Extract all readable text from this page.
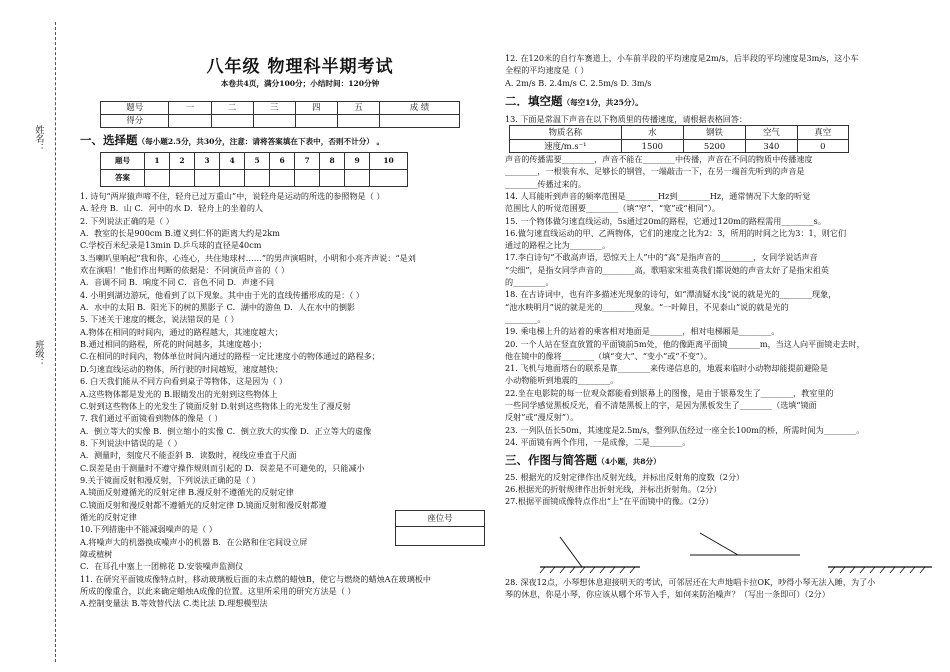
姓名：
班级：
八年级 物理科半期考试
本卷共4页，满分100分；小结时间：120分钟
题号	一	二	三	四	五	成 绩
得分						
一、选择题（每小题2.5分，共30分，注意：请将答案填在下表中，否则不计分） 。
题号	1	2	3	4	5	6	7	8	9	10
答案										
1. 诗句“两岸猿声啼不住，轻舟已过万重山”中，说轻舟是运动的所选的参照物是（ ）
A. 轻舟 B．山 C．河中的水 D．轻舟上的坐着的人
2. 下列说法正确的是（ ）
A．教室的长是900cm B.遵义到仁怀的距离大约是2km
C.学校百米纪录是13min D.乒乓球的直径是40cm
3.当喇叭里响起“我和你，心连心，共住地球村……”的男声演唱时，小明和小亮齐声说：“是刘
欢在演唱！”他们作出判断的依据是：不同演员声音的（ ）
A．音调不同 B．响度不同 C．音色不同 D．声速不同
4. 小明到湖边游玩，他看到了以下现象。其中由于光的直线传播形成的是：（ ）
A．水中的太阳 B．阳光下的树的黑影子 C．湖中的游鱼 D．人在水中的倒影
5. 下述关于速度的概念，说法错误的是（ ）
A.物体在相同的时间内，通过的路程越大，其速度越大；
B.通过相同的路程，所花的时间越多，其速度越小；
C.在相同的时间内，物体单位时间内通过的路程一定比速度小的物体通过的路程多；
D.匀速直线运动的物体，所行驶的时间越短，速度越快；
6. 白天我们能从不同方向看到桌子等物体，这是因为（ ）
A.这些物体都是发光的 B.眼睛发出的光射到这些物体上
C.射到这些物体上的光发生了镜面反射 D.射到这些物体上的光发生了漫反射
7. 我们通过平面镜看到物体的像是（ ）
A．倒立等大的实像 B．倒立缩小的实像 C．倒立放大的实像 D．正立等大的虚像
8. 下列说法中错误的是（ ）
A．测量时，刻度尺不能歪斜 B．读数时，视线应垂直于尺面
C.误差是由于测量时不遵守操作规则而引起的 D．误差是不可避免的，只能减小
9.关于镜面反射和漫反射，下列说法正确的是（ ）
A.镜面反射遵循光的反射定律 B.漫反射不遵循光的反射定律
C.镜面反射和漫反射都不遵循光的反射定律 D.镜面反射和漫反射都遵
循光的反射定律
10.下列措施中不能减弱噪声的是（ ）
A.将噪声大的机器换成噪声小的机器 B．在公路和住宅间设立屏
障或植树
C．在耳孔中塞上一团棉花 D.安装噪声监测仪
11. 在研究平面镜成像特点时，移动玻璃板后面的未点燃的蜡烛B，使它与燃烧的蜡烛A在玻璃板中
所成的像重合，以此来确定蜡烛A成像的位置。这里所采用的研究方法是（ ）
A.控制变量法 B.等效替代法 C.类比法 D.理想模型法
座位号
12. 在120米的自行车赛道上，小车前半段的平均速度是2m/s，后半段的平均速度是3m/s，这小车
全程的平均速度是（ ）
A. 2m/s B. 2.4m/s C. 2.5m/s D. 3m/s
二．填空题（每空1分，共25分）。
13. 下面是常温下声音在以下物质里的传播速度，请根据表格回答：
物质名称	水	钢铁	空气	真空
速度/m.s⁻¹	1500	5200	340	0
声音的传播需要________，声音不能在________中传播，声音在不同的物质中传播速度
________，一根装有水、足够长的钢管，一端敲击一下，在另一端首先听到的声音是
________传播过来的。
14. 人耳能听到声音的频率范围是________Hz到________Hz，通常情况下大象的听觉
范围比人的听觉范围要________（填“窄”、“宽”或“相同”）。
15. 一个物体做匀速直线运动，5s通过20m的路程，它通过120m的路程需用________s。
16.做匀速直线运动的甲、乙两物体，它们的速度之比为2：3，所用的时间之比为3：1，则它们
通过的路程之比为________。
17.李白诗句“不敢高声语，恐惊天上人”中的“高”是指声音的________，女同学说话声音
“尖细”，是指女同学声音的________高，歌唱家宋祖英我们都说她的声音太好了是指宋祖英
的________。
18. 在古诗词中，也有许多描述光现象的诗句，如“潭清疑水浅”说的就是光的________现象，
“池水映明月”说的就是光的________现象。“一叶障目，不见泰山”说的就是光的
________。
19. 乘电梯上升的站着的乘客相对地面是________，相对电梯厢是________。
20. 一个人站在竖直放置的平面镜前5m处，他的像距离平面镜________m，当这人向平面镜走去时，
他在镜中的像将________（填“变大”、“变小”或“不变”）。
21. 飞机与地面塔台的联系是靠________来传递信息的，地震来临时小动物却能提前避险是
小动物能听到地震的________。
22.坐在电影院的每一位观众都能看到银幕上的图像，是由于银幕发生了________，教室里的
一些同学感觉黑板反光，看不清楚黑板上的字，是因为黑板发生了________（选填“镜面
反射”或“漫反射”）。
23. 一列队伍长50m，其速度是2.5m/s，整列队伍经过一座全长100m的桥，所需时间为________。
24. 平面镜有两个作用，一是成像，二是________。
三、作图与简答题（4小题，共8分）
25. 根据光的反射定律作出反射光线，并标出反射角的度数（2分）
26.根据光的折射规律作出折射光线，并标出折射角。（2分）
27.根据平面镜成像特点作出“上”在平面镜中的像。（2分）
28. 深夜12点，小琴想休息迎接明天的考试，可邻居还在大声地唱卡拉OK，吵得小琴无法入睡，为了小
琴的休息，你是小琴，你应该从哪个环节入手，如何来防治噪声？（写出一条即可）（2分）
